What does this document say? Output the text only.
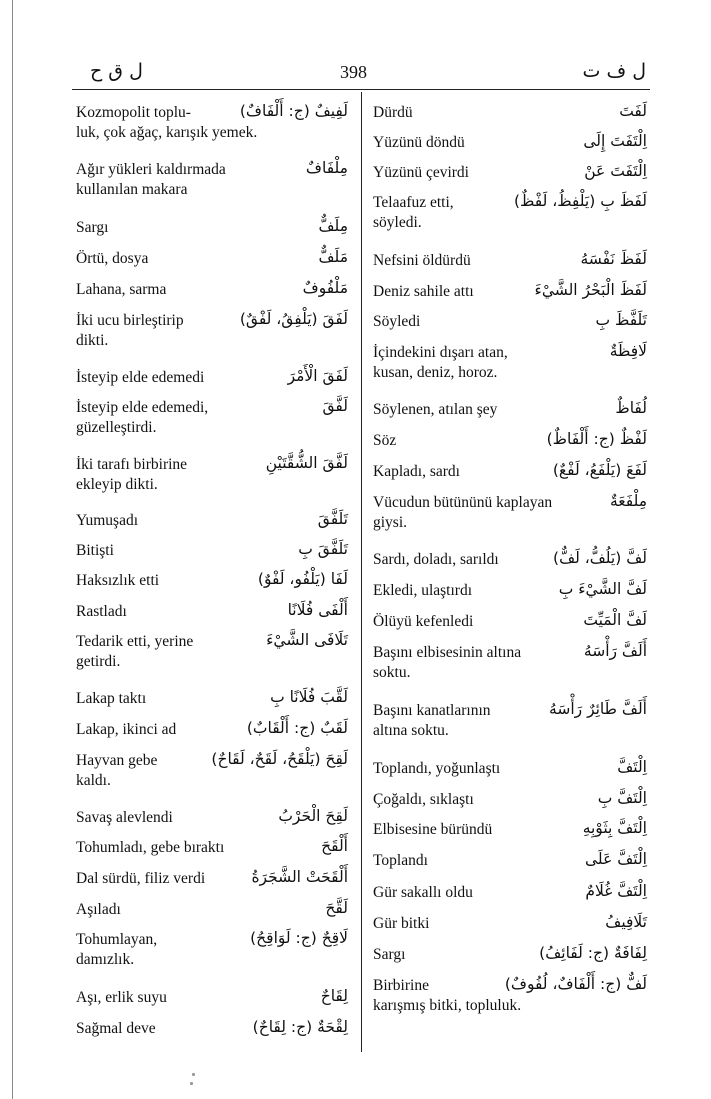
ل ق ح	398	ل ف ت
Kozmopolit toplu-	لَفِيفٌ (ج: أَلْفَافٌ)
luk, çok ağaç, karışık yemek.
Ağır yükleri kaldırmada	مِلْفَافٌ
kullanılan makara
Sargı	مِلَفٌّ
Örtü, dosya	مَلَفٌّ
Lahana, sarma	مَلْفُوفٌ
İki ucu birleştirip	لَفَقَ (يَلْفِقُ، لَفْقٌ)
dikti.
İsteyip elde edemedi	لَفَقَ الْأَمْرَ
İsteyip elde edemedi,	لَفَّقَ
güzelleştirdi.
İki tarafı birbirine	لَفَّقَ الشُّقَّتَيْنِ
ekleyip dikti.
Yumuşadı	تَلَفَّقَ
Bitişti	تَلَفَّقَ بِ
Haksızlık etti	لَفَا (يَلْفُو، لَفْوٌ)
Rastladı	أَلْفَى فُلَانًا
Tedarik etti, yerine	تَلَافَى الشَّيْءَ
getirdi.
Lakap taktı	لَقَّبَ فُلَانًا بِ
Lakap, ikinci ad	لَقَبٌ (ج: أَلْقَابٌ)
Hayvan gebe	لَقِحَ (يَلْقَحُ، لَقَحٌ، لَقَاحٌ)
kaldı.
Savaş alevlendi	لَقِحَ الْحَرْبُ
Tohumladı, gebe bıraktı	أَلْقَحَ
Dal sürdü, filiz verdi	أَلْقَحَتْ الشَّجَرَةُ
Aşıladı	لَقَّحَ
Tohumlayan,	لَاقِحٌ (ج: لَوَاقِحُ)
damızlık.
Aşı, erlik suyu	لِقَاحٌ
Sağmal deve	لِقْحَةٌ (ج: لِقَاحٌ)
Dürdü	لَفَتَ
Yüzünü döndü	اِلْتَفَتَ إِلَى
Yüzünü çevirdi	اِلْتَفَتَ عَنْ
Telaafuz etti,	لَفَظَ بِ (يَلْفِظُ، لَفْظٌ)
söyledi.
Nefsini öldürdü	لَفَظَ نَفْسَهُ
Deniz sahile attı	لَفَظَ الْبَحْرُ الشَّيْءَ
Söyledi	تَلَفَّظَ بِ
İçindekini dışarı atan,	لَافِظَةٌ
kusan, deniz, horoz.
Söylenen, atılan şey	لُفَاظٌ
Söz	لَفْظٌ (ج: أَلْفَاظٌ)
Kapladı, sardı	لَفَعَ (يَلْفَعُ، لَفْعٌ)
Vücudun bütününü kaplayan	مِلْفَعَةٌ
giysi.
Sardı, doladı, sarıldı	لَفَّ (يَلُفُّ، لَفٌّ)
Ekledi, ulaştırdı	لَفَّ الشَّيْءَ بِ
Ölüyü kefenledi	لَفَّ الْمَيِّتَ
Başını elbisesinin altına	أَلَفَّ رَأْسَهُ
soktu.
Başını kanatlarının	أَلَفَّ طَائِرٌ رَأْسَهُ
altına soktu.
Toplandı, yoğunlaştı	اِلْتَفَّ
Çoğaldı, sıklaştı	اِلْتَفَّ بِ
Elbisesine büründü	اِلْتَفَّ بِثَوْبِهِ
Toplandı	اِلْتَفَّ عَلَى
Gür sakallı oldu	اِلْتَفَّ غُلَامٌ
Gür bitki	تَلَافِيفُ
Sargı	لِفَافَةٌ (ج: لَفَائِفُ)
Birbirine	لَفٌّ (ج: أَلْفَافٌ، لُفُوفٌ)
karışmış bitki, topluluk.
